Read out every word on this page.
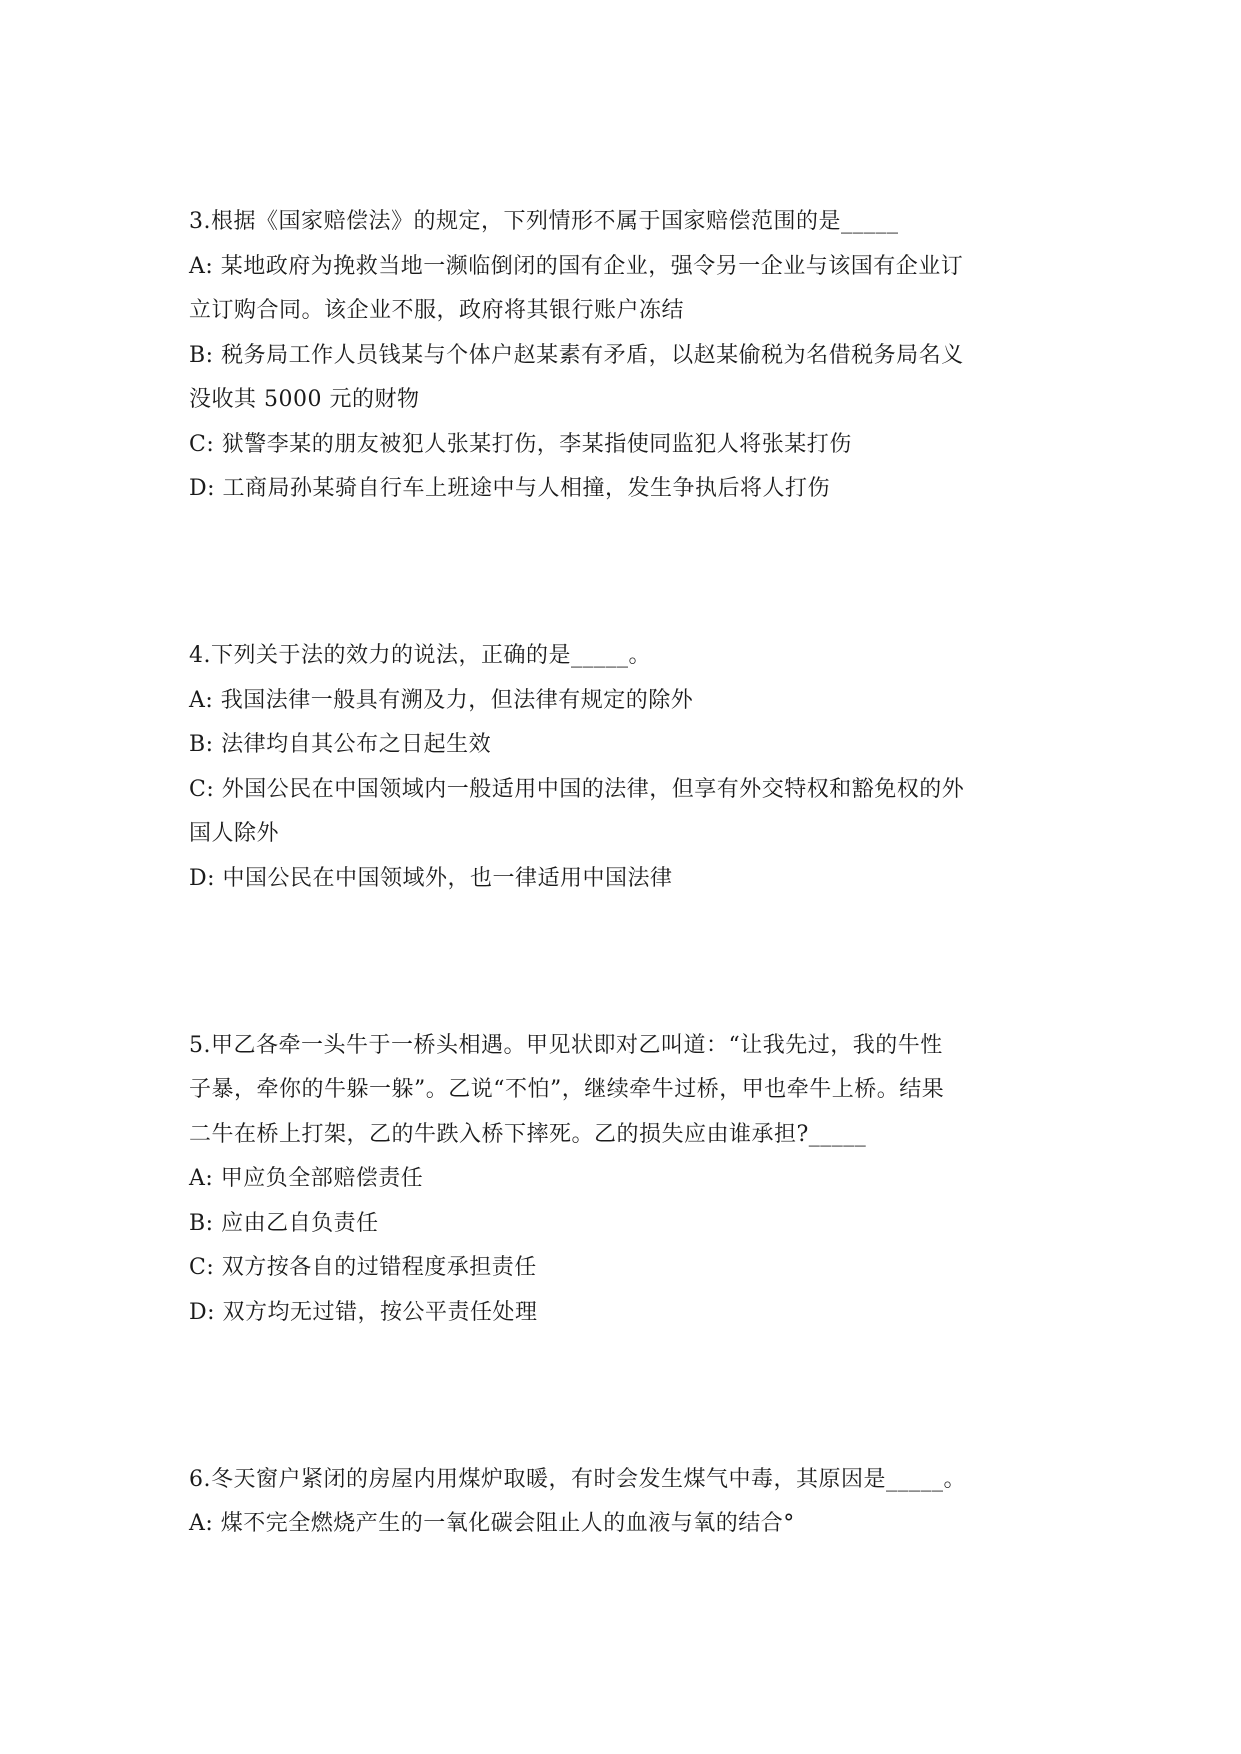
3.根据《国家赔偿法》的规定，下列情形不属于国家赔偿范围的是_____
A: 某地政府为挽救当地一濒临倒闭的国有企业，强令另一企业与该国有企业订
立订购合同。该企业不服，政府将其银行账户冻结
B: 税务局工作人员钱某与个体户赵某素有矛盾，以赵某偷税为名借税务局名义
没收其 5000 元的财物
C: 狱警李某的朋友被犯人张某打伤，李某指使同监犯人将张某打伤
D: 工商局孙某骑自行车上班途中与人相撞，发生争执后将人打伤
4.下列关于法的效力的说法，正确的是_____。
A: 我国法律一般具有溯及力，但法律有规定的除外
B: 法律均自其公布之日起生效
C: 外国公民在中国领域内一般适用中国的法律，但享有外交特权和豁免权的外
国人除外
D: 中国公民在中国领域外，也一律适用中国法律
5.甲乙各牵一头牛于一桥头相遇。甲见状即对乙叫道：“让我先过，我的牛性
子暴，牵你的牛躲一躲”。乙说“不怕”，继续牵牛过桥，甲也牵牛上桥。结果
二牛在桥上打架，乙的牛跌入桥下摔死。乙的损失应由谁承担?_____
A: 甲应负全部赔偿责任
B: 应由乙自负责任
C: 双方按各自的过错程度承担责任
D: 双方均无过错，按公平责任处理
6.冬天窗户紧闭的房屋内用煤炉取暖，有时会发生煤气中毒，其原因是_____。
A: 煤不完全燃烧产生的一氧化碳会阻止人的血液与氧的结合°
